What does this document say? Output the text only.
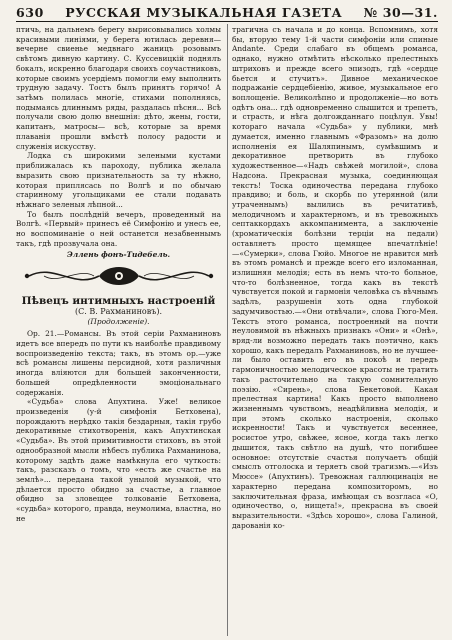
630 РУССКАЯ МУЗЫКАЛЬНАЯ ГАЗЕТА № 30—31.

птичь, на дальнемъ берегу вырисовывались холмы красивыми линіями, у берега ютилась деревня—вечерне свиенье медвнаго жаницъ розовымъ свѣтомъ дивную картину. С. Куссевицкій поднялъ бокалъ, искренно благодаря своихъ соучастниковъ, которые своимъ усердіемъ помогли ему выполнить трудную задачу. Тостъ былъ принятъ горячо! А затѣмъ полилась многіе, стихами пополняясь, подымаясь длиннымъ ряды, раздалась пѣсня... Всѣ получали свою долю внешнія: дѣто, жены, гости, капитанъ, матросы— всѣ, которые за время плаванія прошли вмѣстѣ полосу радости и служенія искусству.

Лодка съ широкими зелеными кустами приближалась къ пароходу, публика желала выразить свою признательность за ту нѣжно, которая приплясась по Волгѣ и по обычаю старинному угольщиками ее стали подавать нѣжнаго зеленыя лѣпной...

То былъ послѣдній вечеръ, проведенный на Волгѣ. «Первый» принесъ её Симфонію и унесъ ее, но воспоминаніе о ней останется незабвеннымъ такъ, гдѣ прозвучала она.

Эллень фонъ-Тидебель.
Пѣвецъ интимныхъ настроеній
(С. В. Рахманиновъ).
(Продолженіе).

Ор. 21.—Романсы. Въ этой серіи Рахманиновъ идетъ все впередъ по пути къ наиболѣе правдивому воспроизведенію текста; такъ, въ этомъ ор.—уже всѣ романсы лишены персидной, хотя различныя иногда вліяются для большей законченности, большей опредѣленности эмоціональнаго содержанія.

«Судьба» слова Апухтина. Уже! великое произведенія (у-й симфонія Бетховена), порождаютъ нерѣдко такія бездарныя, такія грубо декоративные стихотворенія, какъ Апухтинская «Судьба». Въ этой примитивности стиховъ, въ этой однообразной мысли нѣбесъ публика Рахманинова, которому задѣть даже намѣкнула его чуткость: такъ, разсказъ о томъ, что «есть же счастье на землѣ»... передана такой унылой музыкой, что дѣлается просто обидно за счастье, а главное обидно за зловещее толкованіе Бетховена, «судьба» которого, правда, неумолима, властна, но не

трагична съ начала и до конца. Вспомнимъ, хотя бы, вторую тему 1-й части симфоніи или спиные Andante. Среди слабаго въ общемъ романса, однако, нужно отмѣтить нѣсколько прелестныхъ штриховъ и прежде всего эпизодъ, гдѣ «сердце бьется и стучитъ». Дивное механическое подражаніе сердцебіенію, живое, музыкальное его воплощеніе. Великолѣпно и продолженіе—но вотъ одѣтъ она... гдѣ одновременно слышится и трепетъ, и страсть, и нѣга долгожданнаго поцѣлуя. Увы! котораго начала «Судьба» у публики, мнѣ думается, именно главнымъ «Фразомъ» на долю исполненія ея Шаляпинымъ, сумѣвшимъ и декоративное претворить въ глубоко художественное—«Надъ свѣжей могилой», слова Надсона. Прекрасная музыка, соединяющая текстъ! Тоска одиночества передана глубоко правдиво; и боль, и скорбь по утерянной (или утраченнымъ) вылились въ речитативѣ, мелодичномъ и характерномъ, и въ тревожныхъ септаккордахъ аккомпанимента, а заключеніе (хроматическія болѣзни терціи на педали) оставляетъ просто щемящее впечатлѣніе!—«Сумерки», слова Гюйо. Многое не нравится мнѣ въ этомъ романсѣ и прежде всего его изломанная, излишняя мелодія; есть въ немъ что-то больное, что-то болѣзненное, тогда какъ въ текстѣ чувствуется покой и гармонія человѣка съ вѣчнымъ задѣлъ, разрушенія хоть одна глубокой задумчивостью.—«Они отвѣчали», слова Гюго-Мея. Текстъ этого романса, построенный на почти неуловимой въ нѣжныхъ признакъ «Они» и «Онѣ», вряд-ли возможно передать такъ поэтично, какъ хорошо, какъ передалъ Рахманиновъ, но не лучшее-ли было оставить его въ покоѣ и передъ гармоничностью мелодическое красоты не тратить такъ расточительно на такую сомнительную поэзію. «Сирень», слова Бекетовой. Какая прелестная картина! Какъ просто выполнено жизненнымъ чувствомъ, неадѣйливна мелодія, и при этомъ сколько настроенія, сколько искренности! Такъ и чувствуется весеннее, росистое утро, свѣжее, ясное, когда такъ легко дышится, такъ свѣтло на душѣ, что погибшее основное: отсутствіе счастья получаетъ общій смыслъ отголоска и теряетъ свой трагизмъ.—«Изъ Мюссе» (Апухтинъ). Тревожная галлюцинація не характерно передана композиторомъ, но заключительная фраза, имѣющая съ возгласа «О, одиночество, о, нищета!», прекрасна въ своей выразительности. «Здѣсь хорошо», слова Галиной, дарованія ко-
